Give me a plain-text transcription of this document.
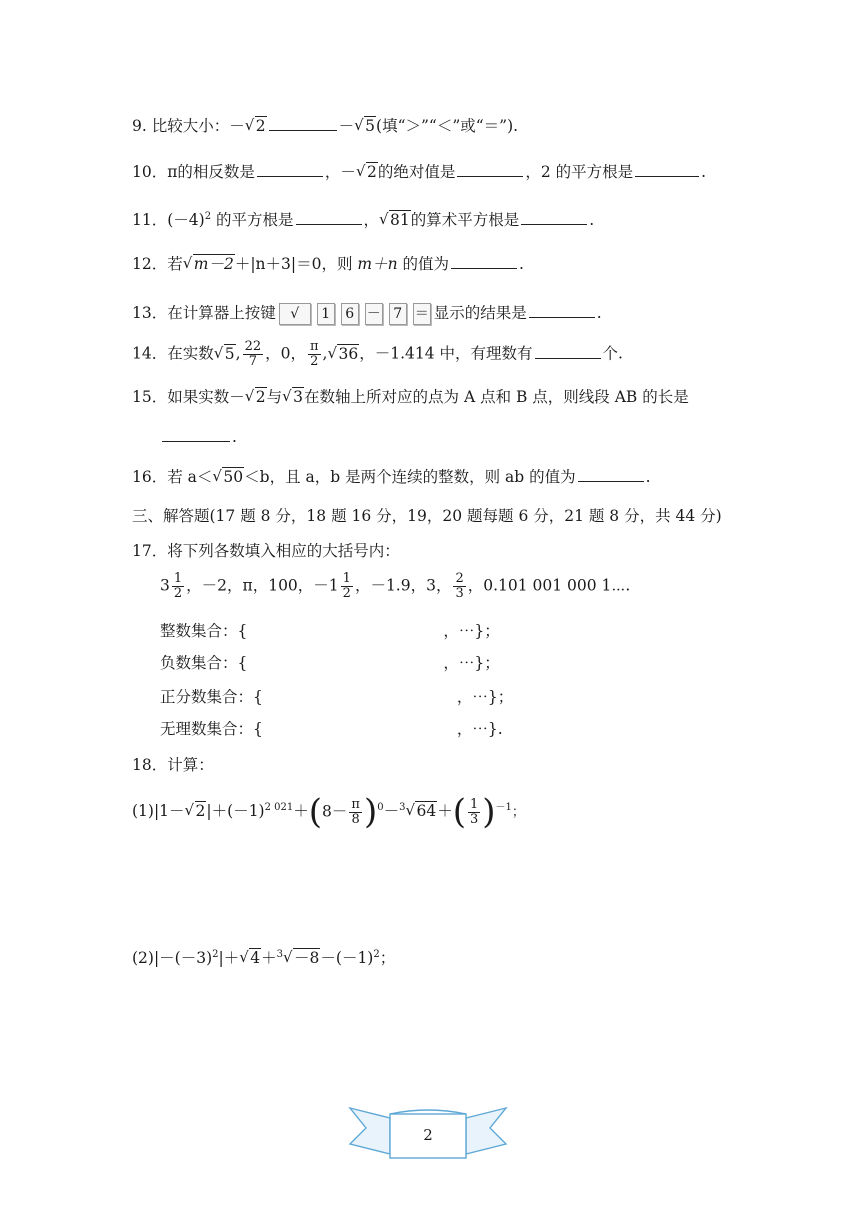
9. 比较大小：－√ 2	－√ 5(填“＞”“＜”或“＝”).
10．π的相反数是	，－√ 2的绝对值是	，2 的平方根是	.
11．$(-4)^2$ 的平方根是	，√ 81的算术平方根是	.
12．若√ m－2＋|n＋3|＝0，则 m＋n 的值为	.
13．在计算器上按键 √ 1 6 － 7 ＝ 显示的结果是	.
14．在实数√ 5, $\frac{22}{7}$ ，0， $\frac{\pi}{2}$ ,√ 36，－1.414 中，有理数有	个.
15．如果实数－√ 2与√ 3在数轴上所对应的点为 A 点和 B 点，则线段 AB 的长是
.
16．若 a＜√ 50＜b，且 a，b 是两个连续的整数，则 ab 的值为	.
三、解答题(17 题 8 分，18 题 16 分，19，20 题每题 6 分，21 题 8 分，共 44 分)
17．将下列各数填入相应的大括号内：
$3 \frac{1}{2}$ ，－2，π，100，$-1 \frac{1}{2}$ ，－1.9，3， $\frac{2}{3}$ ，0.101 001 000 1⋯.
整数集合：{	，⋯}；
负数集合：{	，⋯}；
正分数集合：{	，⋯}；
无理数集合：{	，⋯}.
18．计算：
(1)|1－√ $2|+(-1)^{2 021}+(8- \frac{\pi}{8} )^0-^3√$ $64+( \frac{1}{3} )^{-1}$；
$(2)|-(-3)^2|+√$ $4+^3√ -8-(-1)^2$；
2
